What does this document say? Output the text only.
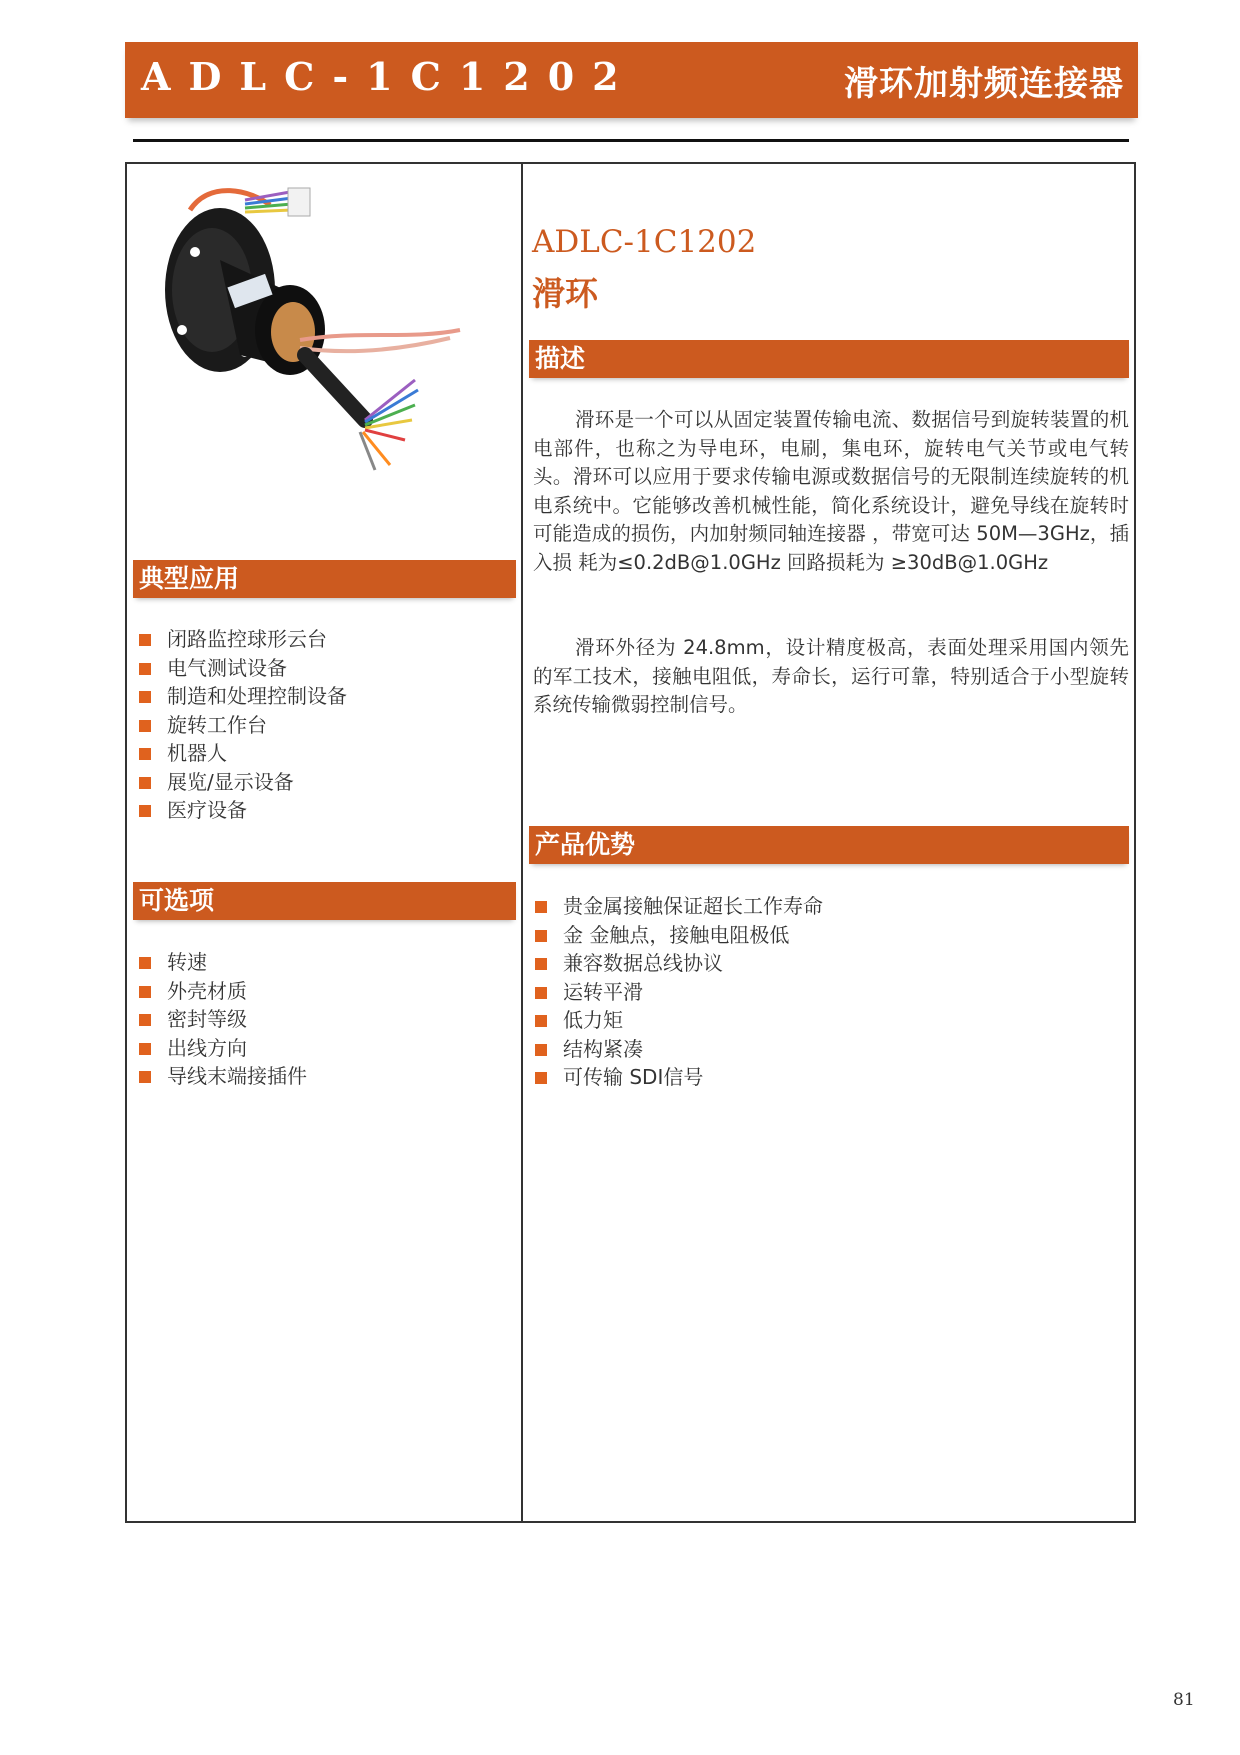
ADLC-1C1202	滑环加射频连接器
典型应用
闭路监控球形云台
电气测试设备
制造和处理控制设备
旋转工作台
机器人
展览/显示设备
医疗设备
可选项
转速
外壳材质
密封等级
出线方向
导线末端接插件
ADLC-1C1202
滑环
描述

滑环是一个可以从固定装置传输电流、数据信号到旋转装置的机电部件，也称之为导电环，电刷，集电环，旋转电气关节或电气转头。滑环可以应用于要求传输电源或数据信号的无限制连续旋转的机电系统中。它能够改善机械性能，简化系统设计，避免导线在旋转时可能造成的损伤，内加射频同轴连接器 ，带宽可达 50M—3GHz，插入损 耗为≤0.2dB@1.0GHz 回路损耗为 ≥30dB@1.0GHz

滑环外径为 24.8mm，设计精度极高，表面处理采用国内领先的军工技术，接触电阻低，寿命长，运行可靠，特别适合于小型旋转系统传输微弱控制信号。

产品优势
贵金属接触保证超长工作寿命
金 金触点，接触电阻极低
兼容数据总线协议
运转平滑
低力矩
结构紧凑
可传输 SDI信号
81
